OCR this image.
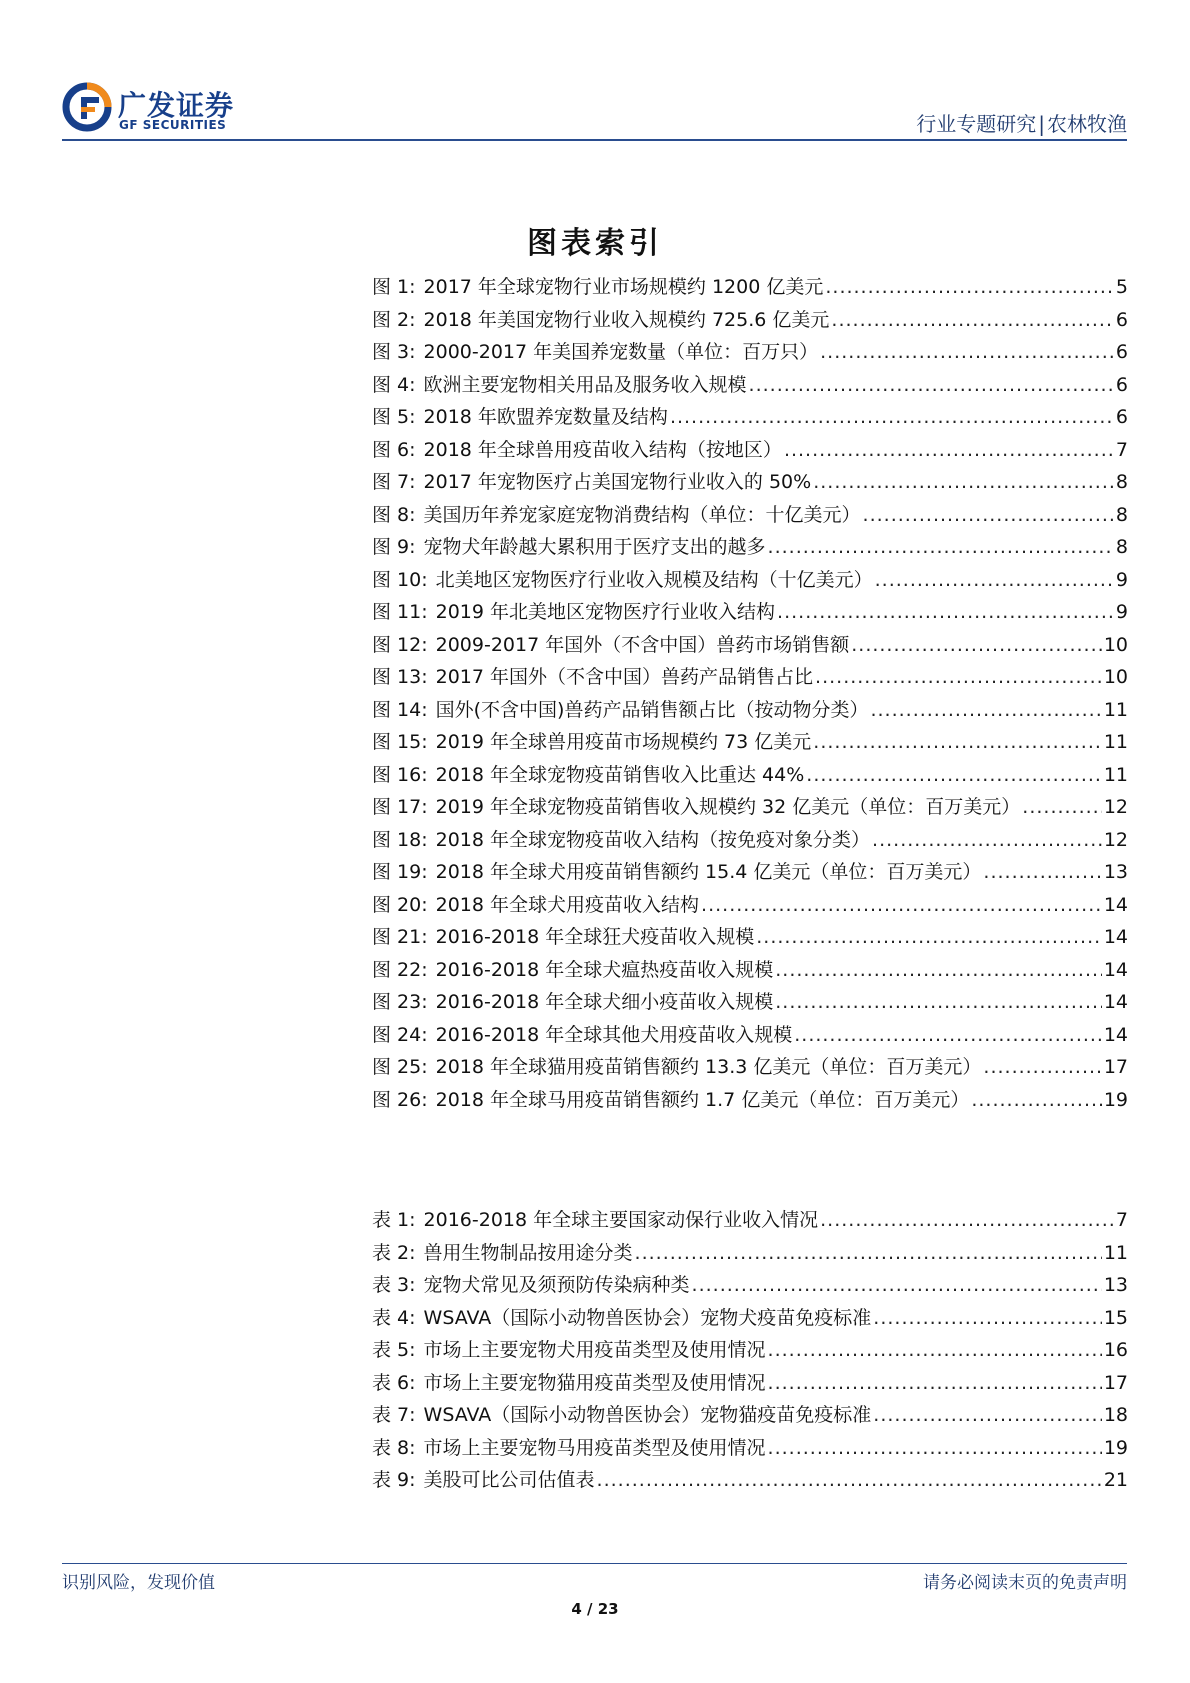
广发证券
GF SECURITIES	行业专题研究 | 农林牧渔
图表索引
图 1: 2017 年全球宠物行业市场规模约 1200 亿美元 .....	5
图 2: 2018 年美国宠物行业收入规模约 725.6 亿美元 .....	6
图 3: 2000-2017 年美国养宠数量（单位：百万只） .....	6
图 4: 欧洲主要宠物相关用品及服务收入规模 .....	6
图 5: 2018 年欧盟养宠数量及结构 .....	6
图 6: 2018 年全球兽用疫苗收入结构（按地区） .....	7
图 7: 2017 年宠物医疗占美国宠物行业收入的 50% .....	8
图 8: 美国历年养宠家庭宠物消费结构（单位：十亿美元） .....	8
图 9: 宠物犬年龄越大累积用于医疗支出的越多 .....	8
图 10: 北美地区宠物医疗行业收入规模及结构（十亿美元） .....	9
图 11: 2019 年北美地区宠物医疗行业收入结构 .....	9
图 12: 2009-2017 年国外（不含中国）兽药市场销售额 .....	10
图 13: 2017 年国外（不含中国）兽药产品销售占比 .....	10
图 14: 国外(不含中国)兽药产品销售额占比（按动物分类） .....	11
图 15: 2019 年全球兽用疫苗市场规模约 73 亿美元 .....	11
图 16: 2018 年全球宠物疫苗销售收入比重达 44% .....	11
图 17: 2019 年全球宠物疫苗销售收入规模约 32 亿美元（单位：百万美元） .....	12
图 18: 2018 年全球宠物疫苗收入结构（按免疫对象分类） .....	12
图 19: 2018 年全球犬用疫苗销售额约 15.4 亿美元（单位：百万美元） .....	13
图 20: 2018 年全球犬用疫苗收入结构 .....	14
图 21: 2016-2018 年全球狂犬疫苗收入规模 .....	14
图 22: 2016-2018 年全球犬瘟热疫苗收入规模 .....	14
图 23: 2016-2018 年全球犬细小疫苗收入规模 .....	14
图 24: 2016-2018 年全球其他犬用疫苗收入规模 .....	14
图 25: 2018 年全球猫用疫苗销售额约 13.3 亿美元（单位：百万美元） .....	17
图 26: 2018 年全球马用疫苗销售额约 1.7 亿美元（单位：百万美元） .....	19
表 1: 2016-2018 年全球主要国家动保行业收入情况 .....	7
表 2: 兽用生物制品按用途分类 .....	11
表 3: 宠物犬常见及须预防传染病种类 .....	13
表 4: WSAVA（国际小动物兽医协会）宠物犬疫苗免疫标准 .....	15
表 5: 市场上主要宠物犬用疫苗类型及使用情况 .....	16
表 6: 市场上主要宠物猫用疫苗类型及使用情况 .....	17
表 7: WSAVA（国际小动物兽医协会）宠物猫疫苗免疫标准 .....	18
表 8: 市场上主要宠物马用疫苗类型及使用情况 .....	19
表 9: 美股可比公司估值表 .....	21
识别风险，发现价值	请务必阅读末页的免责声明
4 / 23
